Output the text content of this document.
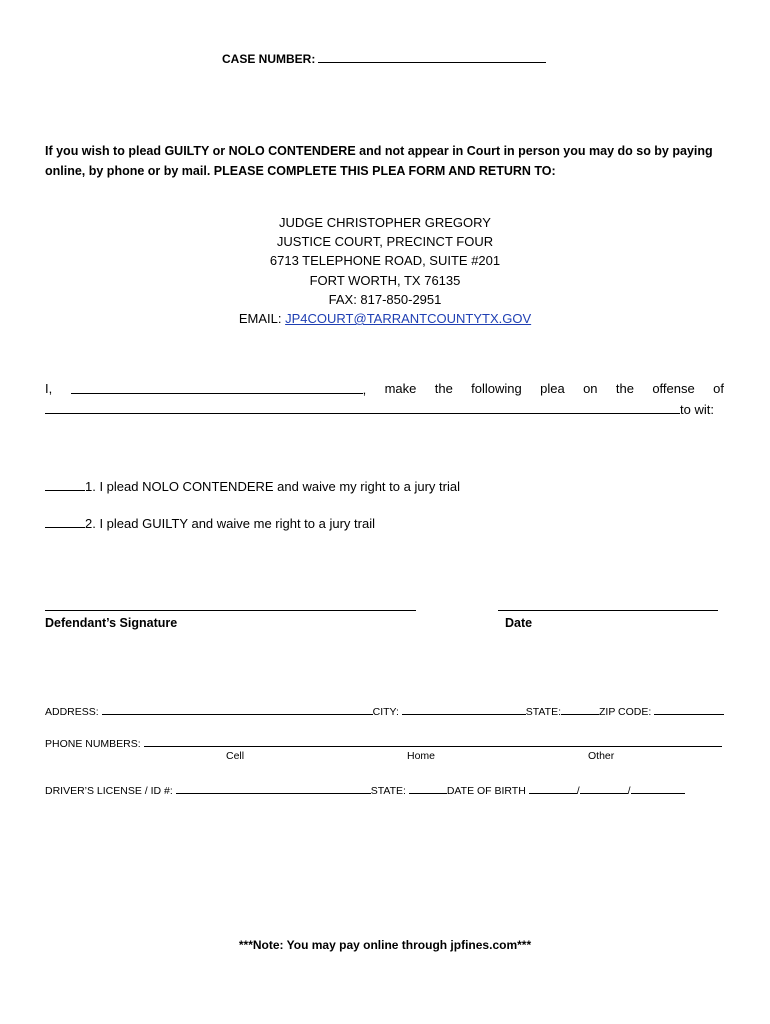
CASE NUMBER:
If you wish to plead GUILTY or NOLO CONTENDERE and not appear in Court in person you may do so by paying online, by phone or by mail. PLEASE COMPLETE THIS PLEA FORM AND RETURN TO:
JUDGE CHRISTOPHER GREGORY
JUSTICE COURT, PRECINCT FOUR
6713 TELEPHONE ROAD, SUITE #201
FORT WORTH, TX 76135
FAX: 817-850-2951
EMAIL: JP4COURT@TARRANTCOUNTYTX.GOV
I,	, make the following plea on the offense of
to wit:
1. I plead NOLO CONTENDERE and waive my right to a jury trial
2. I plead GUILTY and waive me right to a jury trail
Defendant’s Signature	Date
ADDRESS:	CITY:	STATE:	ZIP CODE:
PHONE NUMBERS:
Cell	Home	Other
DRIVER’S LICENSE / ID #:	STATE:	DATE OF BIRTH	/	/
***Note: You may pay online through jpfines.com***
